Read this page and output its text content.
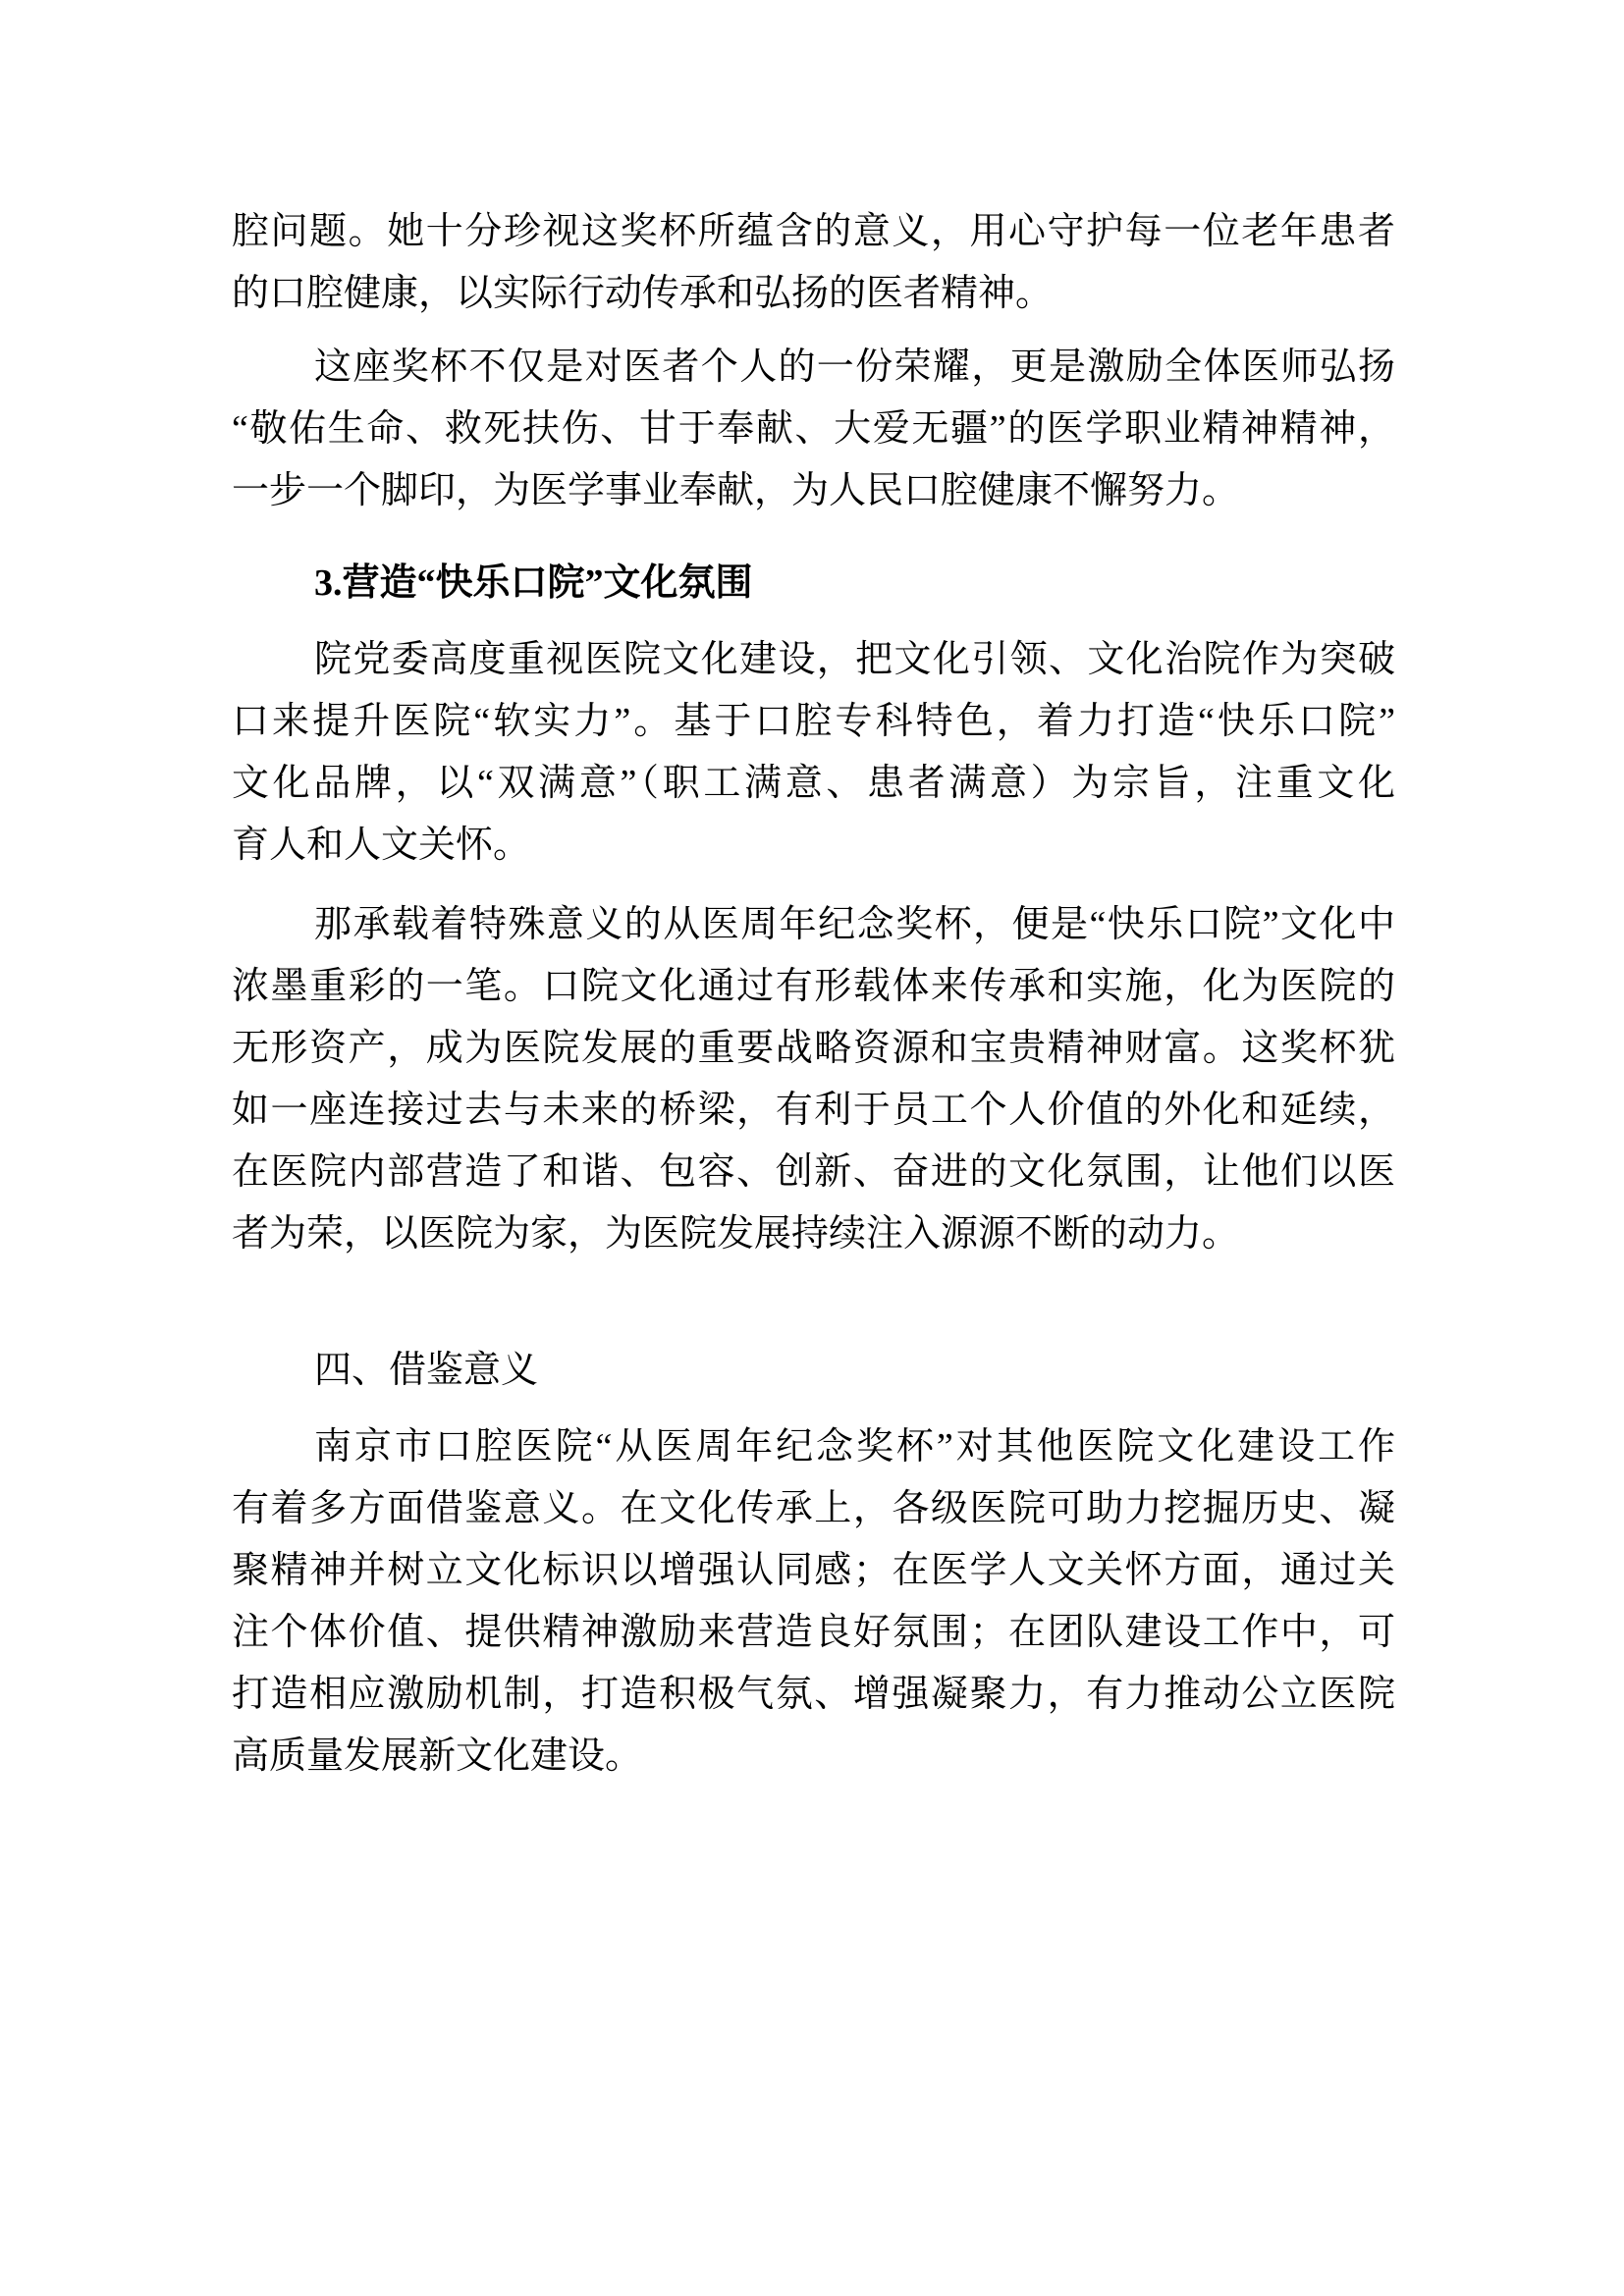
腔问题。她十分珍视这奖杯所蕴含的意义，用心守护每一位老年患者
的口腔健康，以实际行动传承和弘扬的医者精神。
这座奖杯不仅是对医者个人的一份荣耀，更是激励全体医师弘扬
“敬佑生命、救死扶伤、甘于奉献、大爱无疆”的医学职业精神精神，
一步一个脚印，为医学事业奉献，为人民口腔健康不懈努力。
3.营造“快乐口院”文化氛围
院党委高度重视医院文化建设，把文化引领、文化治院作为突破
口来提升医院“软实力”。基于口腔专科特色，着力打造“快乐口院”
文化品牌，以“双满意”（职工满意、患者满意）为宗旨，注重文化
育人和人文关怀。
那承载着特殊意义的从医周年纪念奖杯，便是“快乐口院”文化中
浓墨重彩的一笔。口院文化通过有形载体来传承和实施，化为医院的
无形资产，成为医院发展的重要战略资源和宝贵精神财富。这奖杯犹
如一座连接过去与未来的桥梁，有利于员工个人价值的外化和延续，
在医院内部营造了和谐、包容、创新、奋进的文化氛围，让他们以医
者为荣，以医院为家，为医院发展持续注入源源不断的动力。
四、借鉴意义
南京市口腔医院“从医周年纪念奖杯”对其他医院文化建设工作
有着多方面借鉴意义。在文化传承上，各级医院可助力挖掘历史、凝
聚精神并树立文化标识以增强认同感；在医学人文关怀方面，通过关
注个体价值、提供精神激励来营造良好氛围；在团队建设工作中，可
打造相应激励机制，打造积极气氛、增强凝聚力，有力推动公立医院
高质量发展新文化建设。
